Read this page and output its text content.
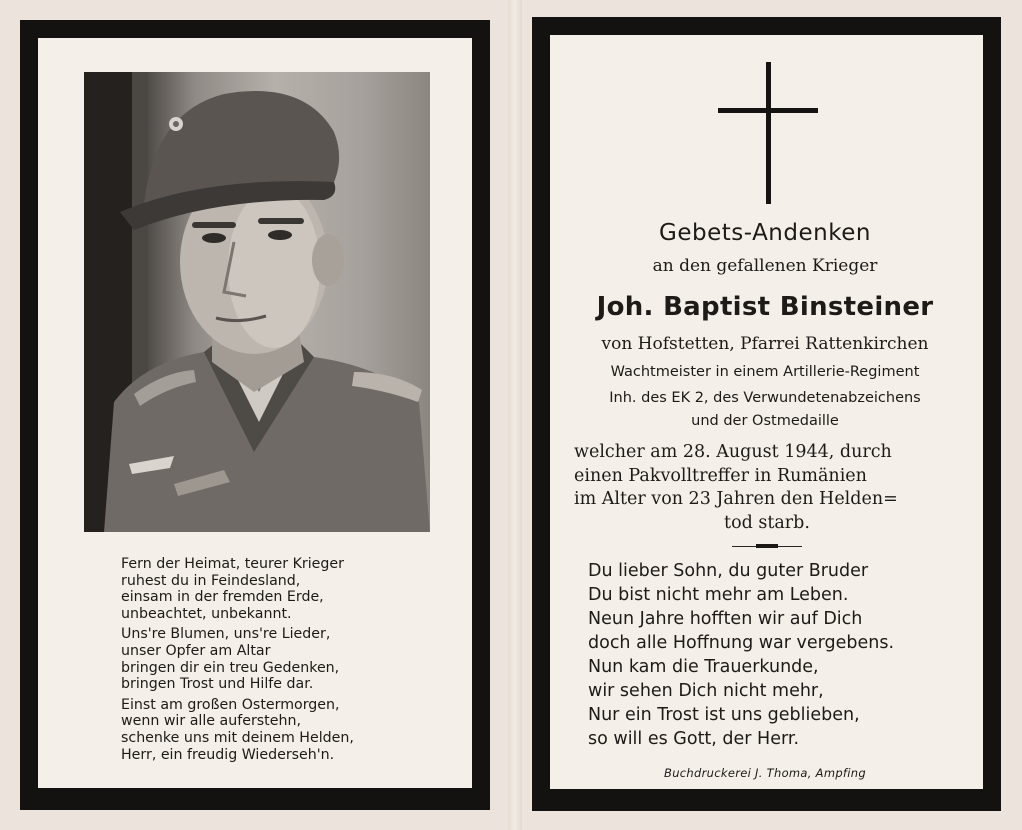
Fern der Heimat, teurer Krieger
ruhest du in Feindesland,
einsam in der fremden Erde,
unbeachtet, unbekannt.
Uns're Blumen, uns're Lieder,
unser Opfer am Altar
bringen dir ein treu Gedenken,
bringen Trost und Hilfe dar.
Einst am großen Ostermorgen,
wenn wir alle auferstehn,
schenke uns mit deinem Helden,
Herr, ein freudig Wiederseh'n.
Gebets-Andenken
an den gefallenen Krieger
Joh. Baptist Binsteiner
von Hofstetten, Pfarrei Rattenkirchen
Wachtmeister in einem Artillerie-Regiment
Inh. des EK 2, des Verwundetenabzeichens
und der Ostmedaille
welcher am 28. August 1944, durch
einen Pakvolltreffer in Rumänien
im Alter von 23 Jahren den Helden=
tod starb.
Du lieber Sohn, du guter Bruder
Du bist nicht mehr am Leben.
Neun Jahre hofften wir auf Dich
doch alle Hoffnung war vergebens.
Nun kam die Trauerkunde,
wir sehen Dich nicht mehr,
Nur ein Trost ist uns geblieben,
so will es Gott, der Herr.
Buchdruckerei J. Thoma, Ampfing
